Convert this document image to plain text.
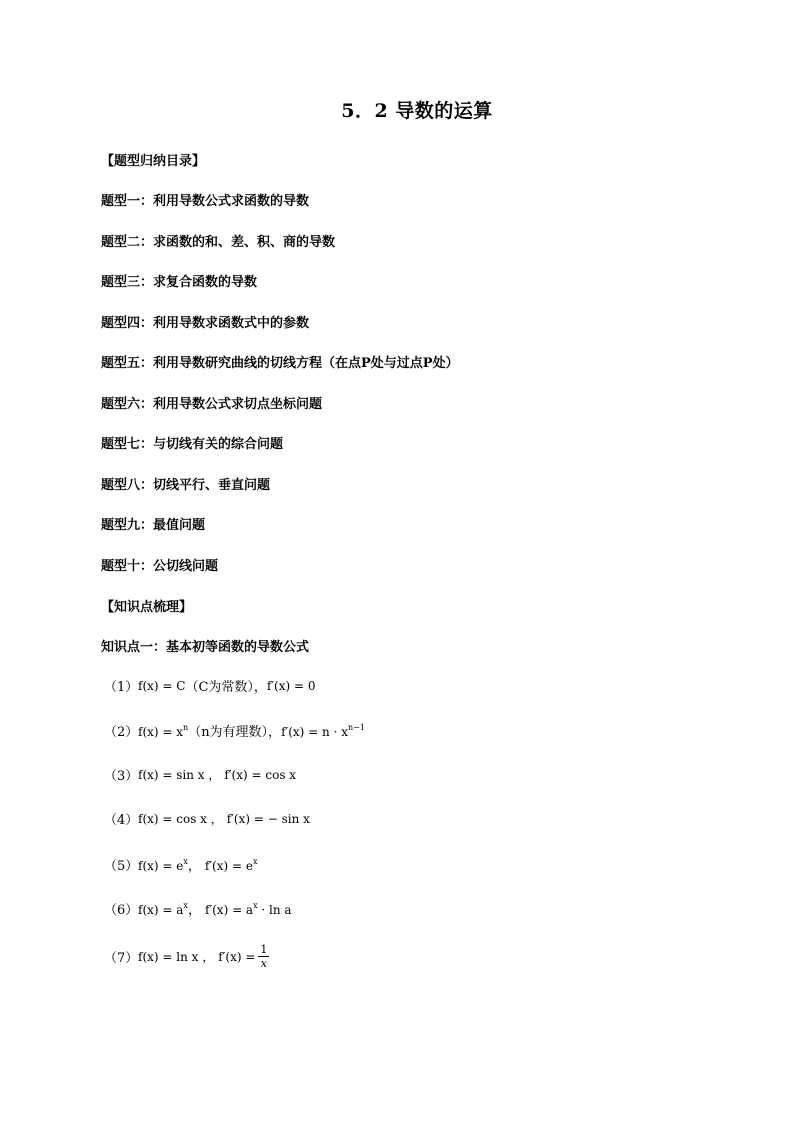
5．2 导数的运算
【题型归纳目录】
题型一：利用导数公式求函数的导数
题型二：求函数的和、差、积、商的导数
题型三：求复合函数的导数
题型四：利用导数求函数式中的参数
题型五：利用导数研究曲线的切线方程（在点P处与过点P处）
题型六：利用导数公式求切点坐标问题
题型七：与切线有关的综合问题
题型八：切线平行、垂直问题
题型九：最值问题
题型十：公切线问题
【知识点梳理】
知识点一：基本初等函数的导数公式
（1） f(x) = C （C为常数）， f′(x) = 0
（2） $f(x) = x^n$ （n为有理数）， $f'(x) = n \cdot x^{n-1}$
（3） f(x) = sin x ， f′(x) = cos x
（4） f(x) = cos x ， f′(x) = − sin x
（5） $f(x) = e^x$ ， $f'(x) = e^x$
（6） $f(x) = a^x$ ， $f'(x) = a^x \cdot \ln a$
（7） f(x) = ln x ， $f'(x) = \frac{1}{x}$
